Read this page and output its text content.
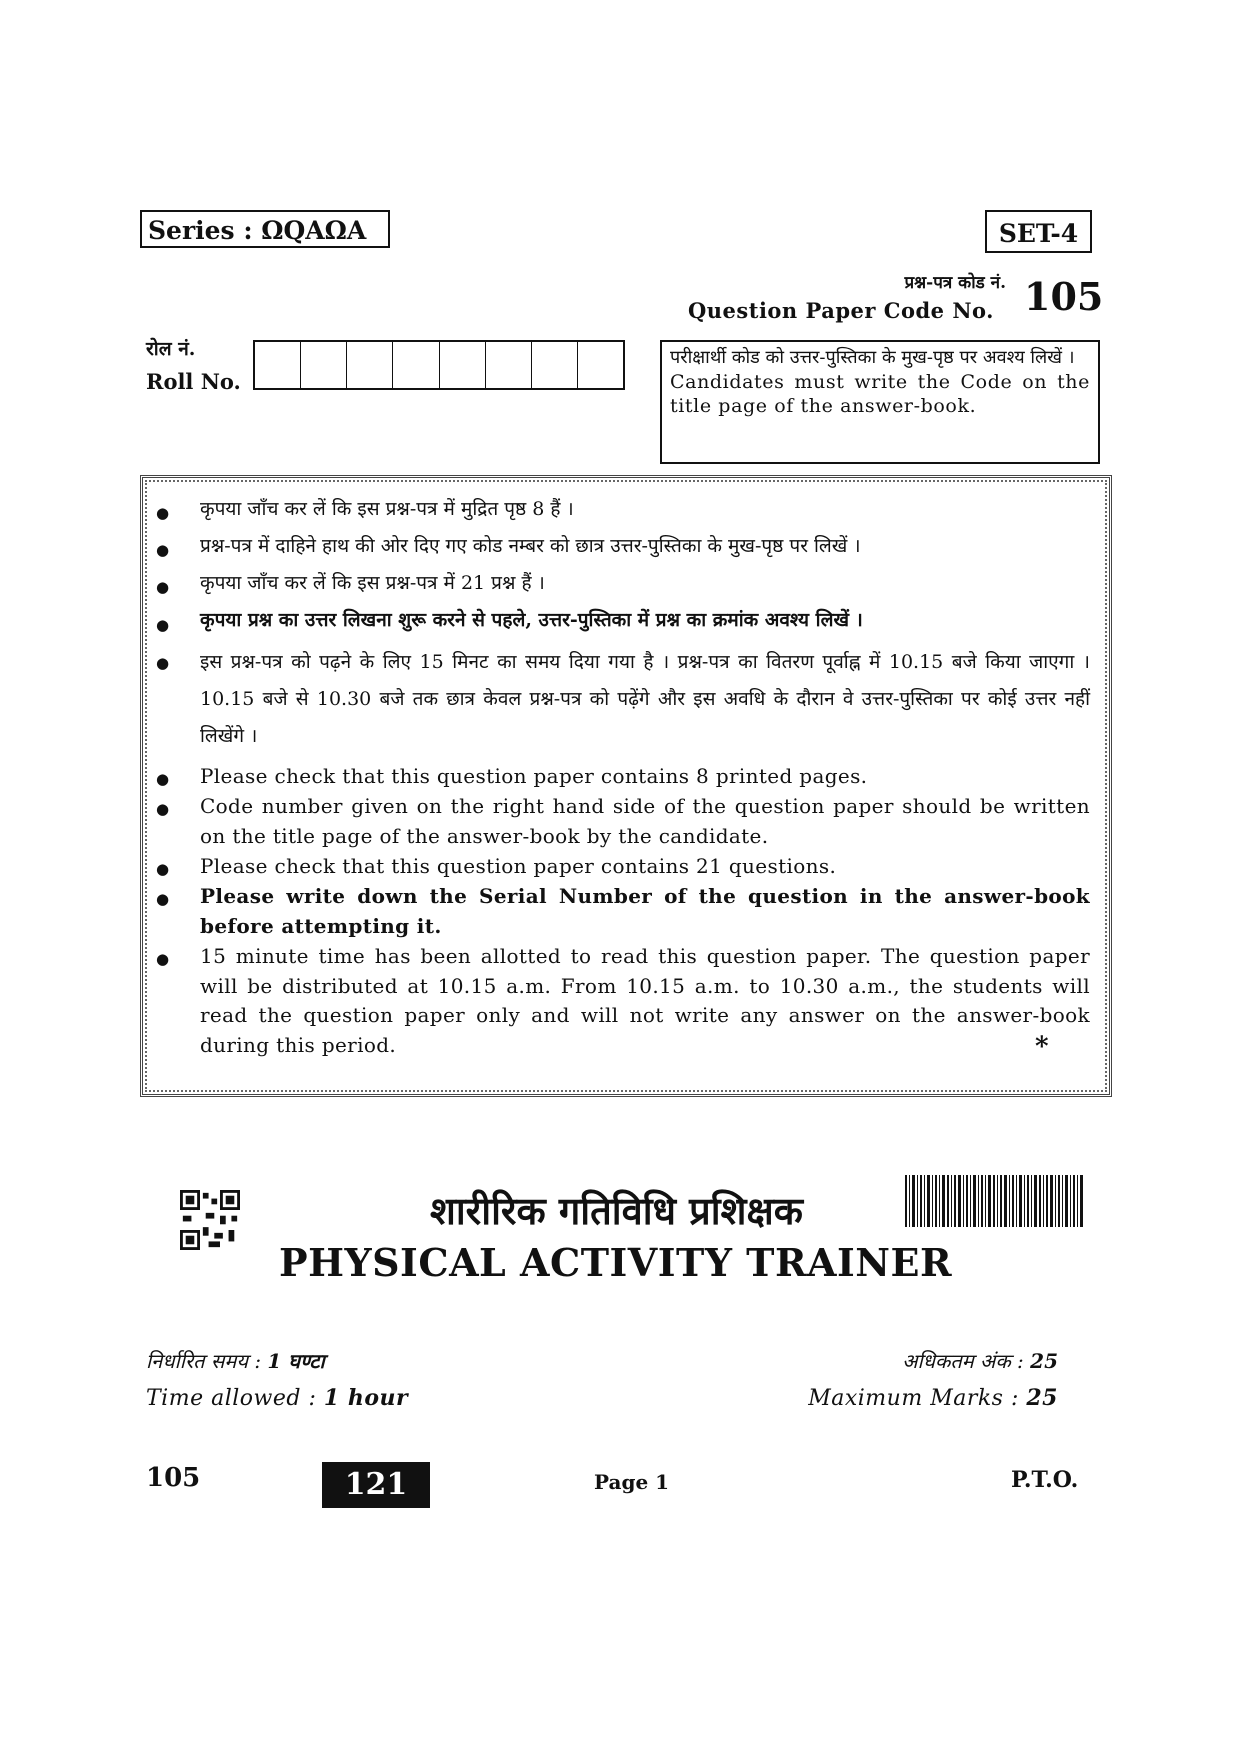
Series : ΩQAΩA	SET-4
प्रश्न-पत्र कोड नं.
Question Paper Code No. 105
रोल नं.
Roll No.
परीक्षार्थी कोड को उत्तर-पुस्तिका के मुख-पृष्ठ पर अवश्य लिखें ।
Candidates must write the Code on the title page of the answer-book.
● कृपया जाँच कर लें कि इस प्रश्न-पत्र में मुद्रित पृष्ठ 8 हैं ।
● प्रश्न-पत्र में दाहिने हाथ की ओर दिए गए कोड नम्बर को छात्र उत्तर-पुस्तिका के मुख-पृष्ठ पर लिखें ।
● कृपया जाँच कर लें कि इस प्रश्न-पत्र में 21 प्रश्न हैं ।
● कृपया प्रश्न का उत्तर लिखना शुरू करने से पहले, उत्तर-पुस्तिका में प्रश्न का क्रमांक अवश्य लिखें ।
● इस प्रश्न-पत्र को पढ़ने के लिए 15 मिनट का समय दिया गया है । प्रश्न-पत्र का वितरण पूर्वाह्न में 10.15 बजे किया जाएगा । 10.15 बजे से 10.30 बजे तक छात्र केवल प्रश्न-पत्र को पढ़ेंगे और इस अवधि के दौरान वे उत्तर-पुस्तिका पर कोई उत्तर नहीं लिखेंगे ।
● Please check that this question paper contains 8 printed pages.
● Code number given on the right hand side of the question paper should be written on the title page of the answer-book by the candidate.
● Please check that this question paper contains 21 questions.
● Please write down the Serial Number of the question in the answer-book before attempting it.
● 15 minute time has been allotted to read this question paper. The question paper will be distributed at 10.15 a.m. From 10.15 a.m. to 10.30 a.m., the students will read the question paper only and will not write any answer on the answer-book during this period.	*
शारीरिक गतिविधि प्रशिक्षक
PHYSICAL ACTIVITY TRAINER
निर्धारित समय : 1 घण्टा
Time allowed : 1 hour
अधिकतम अंक : 25
Maximum Marks : 25
105	121	Page 1	P.T.O.
